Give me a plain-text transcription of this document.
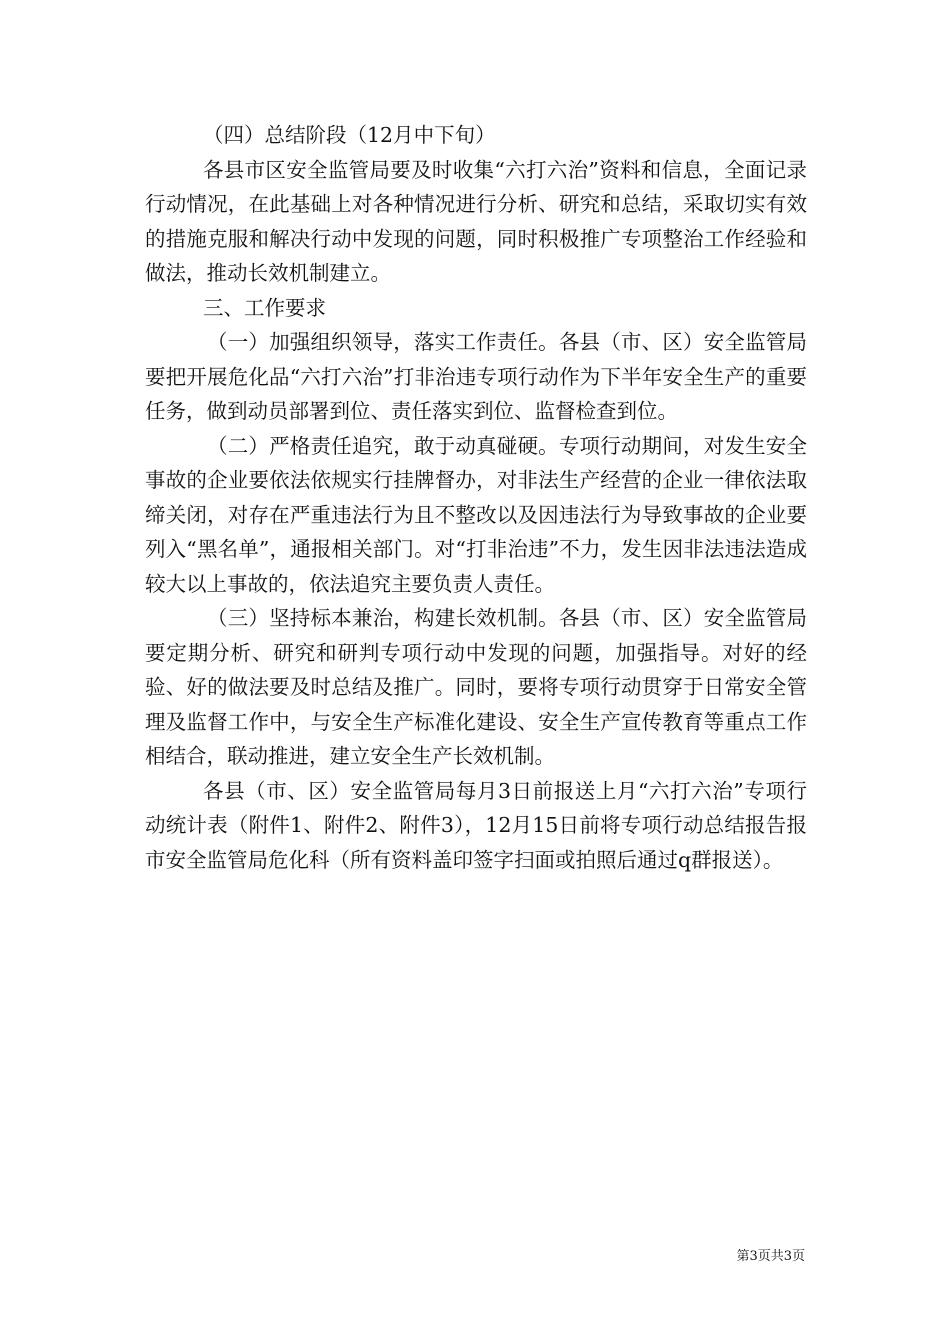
（四）总结阶段（12月中下旬）

各县市区安全监管局要及时收集“六打六治”资料和信息，全面记录行动情况，在此基础上对各种情况进行分析、研究和总结，采取切实有效的措施克服和解决行动中发现的问题，同时积极推广专项整治工作经验和做法，推动长效机制建立。

三、工作要求

（一）加强组织领导，落实工作责任。各县（市、区）安全监管局要把开展危化品“六打六治”打非治违专项行动作为下半年安全生产的重要任务，做到动员部署到位、责任落实到位、监督检查到位。

（二）严格责任追究，敢于动真碰硬。专项行动期间，对发生安全事故的企业要依法依规实行挂牌督办，对非法生产经营的企业一律依法取缔关闭，对存在严重违法行为且不整改以及因违法行为导致事故的企业要列入“黑名单”，通报相关部门。对“打非治违”不力，发生因非法违法造成较大以上事故的，依法追究主要负责人责任。

（三）坚持标本兼治，构建长效机制。各县（市、区）安全监管局要定期分析、研究和研判专项行动中发现的问题，加强指导。对好的经验、好的做法要及时总结及推广。同时，要将专项行动贯穿于日常安全管理及监督工作中，与安全生产标准化建设、安全生产宣传教育等重点工作相结合，联动推进，建立安全生产长效机制。

各县（市、区）安全监管局每月3日前报送上月“六打六治”专项行动统计表（附件1、附件2、附件3），12月15日前将专项行动总结报告报市安全监管局危化科（所有资料盖印签字扫面或拍照后通过q群报送）。

第3页共3页
